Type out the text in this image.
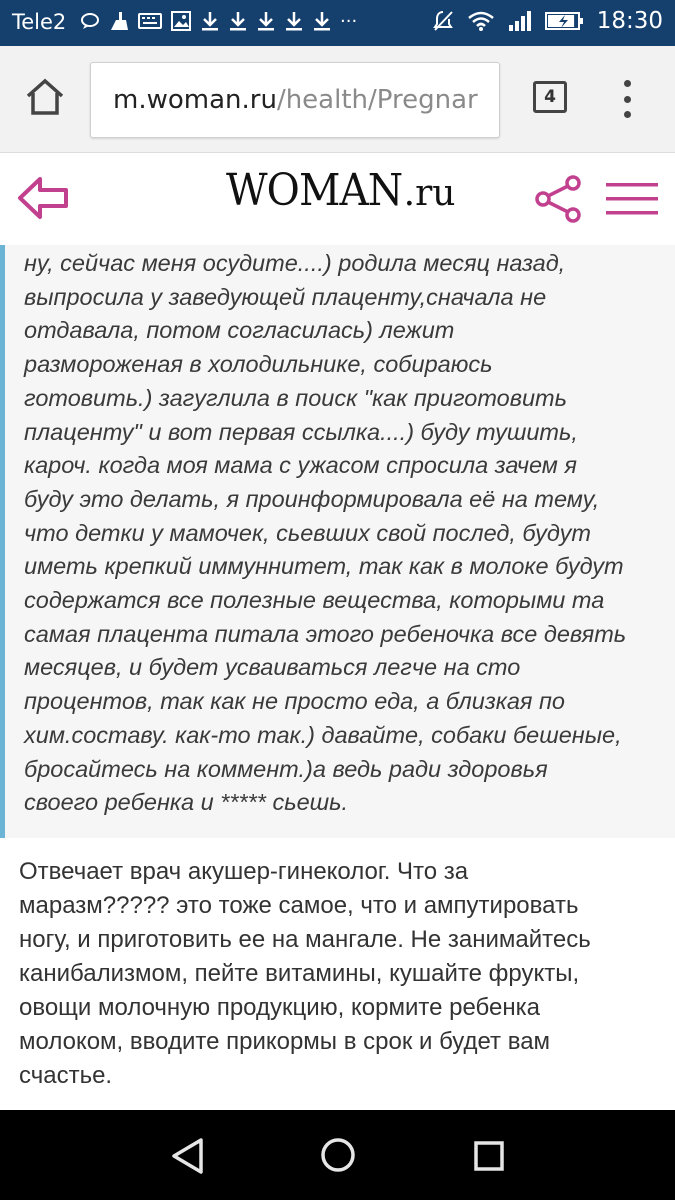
Tele2	···	18:30
m.woman.ru/health/Pregnar	4
WOMAN.ru
ну, сейчас меня осудите....) родила месяц назад,
выпросила у заведующей плаценту,сначала не
отдавала, потом согласилась) лежит
размороженая в холодильнике, собираюсь
готовить.) загуглила в поиск "как приготовить
плаценту" и вот первая ссылка....) буду тушить,
кароч. когда моя мама с ужасом спросила зачем я
буду это делать, я проинформировала её на тему,
что детки у мамочек, сьевших свой послед, будут
иметь крепкий иммуннитет, так как в молоке будут
содержатся все полезные вещества, которыми та
самая плацента питала этого ребеночка все девять
месяцев, и будет усваиваться легче на сто
процентов, так как не просто еда, а близкая по
хим.составу. как-то так.) давайте, собаки бешеные,
бросайтесь на коммент.)а ведь ради здоровья
своего ребенка и ***** сьешь.
Отвечает врач акушер-гинеколог. Что за
маразм????? это тоже самое, что и ампутировать
ногу, и приготовить ее на мангале. Не занимайтесь
канибализмом, пейте витамины, кушайте фрукты,
овощи молочную продукцию, кормите ребенка
молоком, вводите прикормы в срок и будет вам
счастье.
